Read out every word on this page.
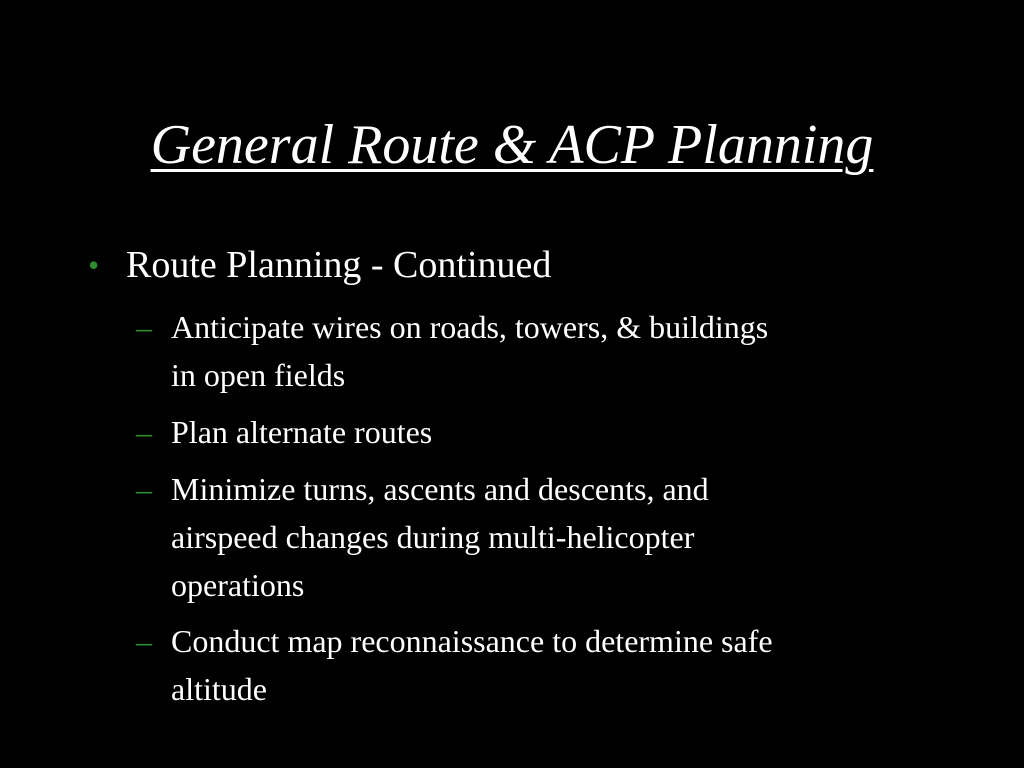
General Route & ACP Planning
• Route Planning - Continued
– Anticipate wires on roads, towers, & buildings
in open fields
– Plan alternate routes
– Minimize turns, ascents and descents, and
airspeed changes during multi-helicopter
operations
– Conduct map reconnaissance to determine safe
altitude
